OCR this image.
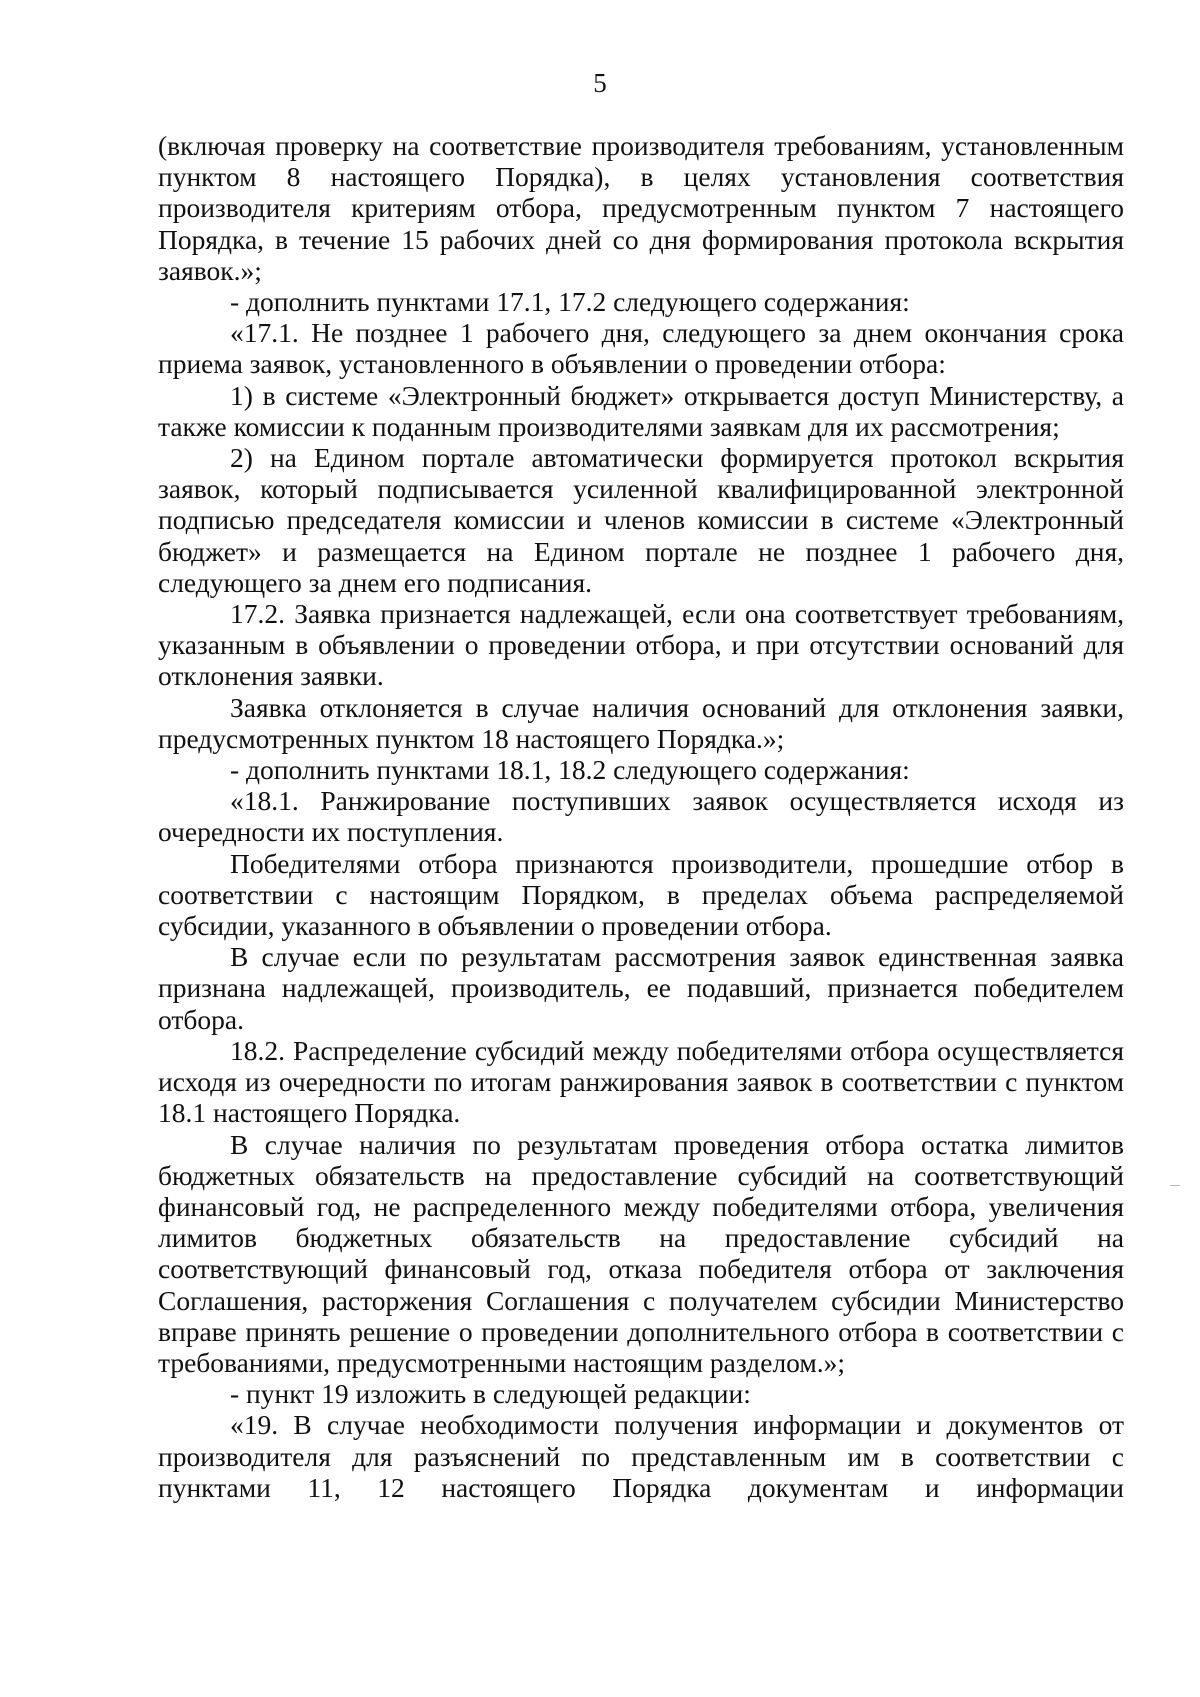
5

(включая проверку на соответствие производителя требованиям, установленным пунктом 8 настоящего Порядка), в целях установления соответствия производителя критериям отбора, предусмотренным пунктом 7 настоящего Порядка, в течение 15 рабочих дней со дня формирования протокола вскрытия заявок.»;

- дополнить пунктами 17.1, 17.2 следующего содержания:

«17.1. Не позднее 1 рабочего дня, следующего за днем окончания срока приема заявок, установленного в объявлении о проведении отбора:

1) в системе «Электронный бюджет» открывается доступ Министерству, а также комиссии к поданным производителями заявкам для их рассмотрения;

2) на Едином портале автоматически формируется протокол вскрытия заявок, который подписывается усиленной квалифицированной электронной подписью председателя комиссии и членов комиссии в системе «Электронный бюджет» и размещается на Едином портале не позднее 1 рабочего дня, следующего за днем его подписания.

17.2. Заявка признается надлежащей, если она соответствует требованиям, указанным в объявлении о проведении отбора, и при отсутствии оснований для отклонения заявки.

Заявка отклоняется в случае наличия оснований для отклонения заявки, предусмотренных пунктом 18 настоящего Порядка.»;

- дополнить пунктами 18.1, 18.2 следующего содержания:

«18.1. Ранжирование поступивших заявок осуществляется исходя из очередности их поступления.

Победителями отбора признаются производители, прошедшие отбор в соответствии с настоящим Порядком, в пределах объема распределяемой субсидии, указанного в объявлении о проведении отбора.

В случае если по результатам рассмотрения заявок единственная заявка признана надлежащей, производитель, ее подавший, признается победителем отбора.

18.2. Распределение субсидий между победителями отбора осуществляется исходя из очередности по итогам ранжирования заявок в соответствии с пунктом 18.1 настоящего Порядка.

В случае наличия по результатам проведения отбора остатка лимитов бюджетных обязательств на предоставление субсидий на соответствующий финансовый год, не распределенного между победителями отбора, увеличения лимитов бюджетных обязательств на предоставление субсидий на соответствующий финансовый год, отказа победителя отбора от заключения Соглашения, расторжения Соглашения с получателем субсидии Министерство вправе принять решение о проведении дополнительного отбора в соответствии с требованиями, предусмотренными настоящим разделом.»;

- пункт 19 изложить в следующей редакции:

«19. В случае необходимости получения информации и документов от производителя для разъяснений по представленным им в соответствии с пунктами 11, 12 настоящего Порядка документам и информации
